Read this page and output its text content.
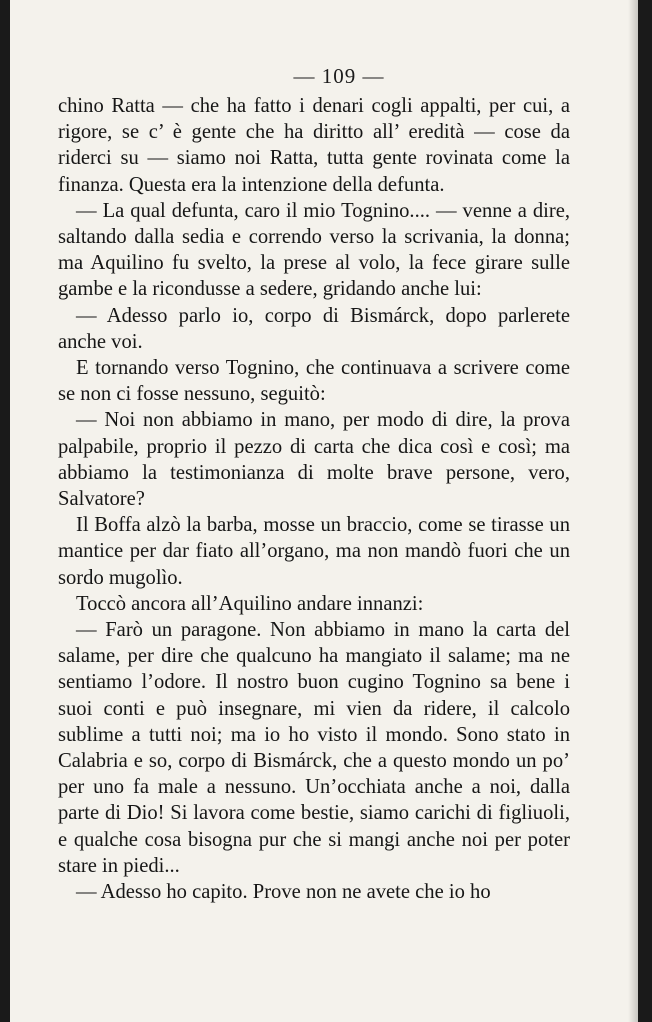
— 109 —

chino Ratta — che ha fatto i denari cogli appalti, per cui, a rigore, se c’ è gente che ha diritto all’ eredità — cose da riderci su — siamo noi Ratta, tutta gente rovinata come la finanza. Questa era la intenzione della defunta.

— La qual defunta, caro il mio Tognino.... — venne a dire, saltando dalla sedia e correndo verso la scrivania, la donna; ma Aquilino fu svelto, la prese al volo, la fece girare sulle gambe e la ricondusse a sedere, gridando anche lui:

— Adesso parlo io, corpo di Bismárck, dopo parlerete anche voi.

E tornando verso Tognino, che continuava a scrivere come se non ci fosse nessuno, seguitò:

— Noi non abbiamo in mano, per modo di dire, la prova palpabile, proprio il pezzo di carta che dica così e così; ma abbiamo la testimonianza di molte brave persone, vero, Salvatore?

Il Boffa alzò la barba, mosse un braccio, come se tirasse un mantice per dar fiato all’organo, ma non mandò fuori che un sordo mugolìo.

Toccò ancora all’Aquilino andare innanzi:

— Farò un paragone. Non abbiamo in mano la carta del salame, per dire che qualcuno ha mangiato il salame; ma ne sentiamo l’odore. Il nostro buon cugino Tognino sa bene i suoi conti e può insegnare, mi vien da ridere, il calcolo sublime a tutti noi; ma io ho visto il mondo. Sono stato in Calabria e so, corpo di Bismárck, che a questo mondo un po’ per uno fa male a nessuno. Un’occhiata anche a noi, dalla parte di Dio! Si lavora come bestie, siamo carichi di figliuoli, e qualche cosa bisogna pur che si mangi anche noi per poter stare in piedi...

— Adesso ho capito. Prove non ne avete che io ho
